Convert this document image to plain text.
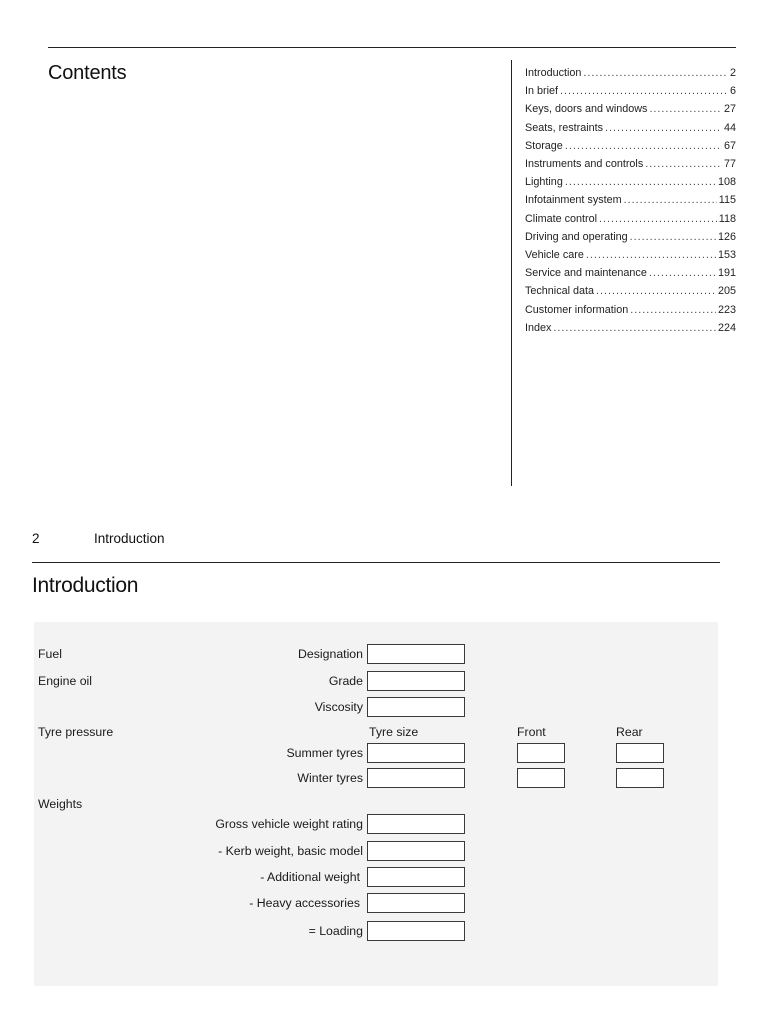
Contents	Introduction .....	2
In brief .....	6
Keys, doors and windows .....	27
Seats, restraints .....	44
Storage .....	67
Instruments and controls .....	77
Lighting .....	108
Infotainment system .....	115
Climate control .....	118
Driving and operating .....	126
Vehicle care .....	153
Service and maintenance .....	191
Technical data .....	205
Customer information .....	223
Index .....	224
2	Introduction
Introduction
Fuel	Designation
Engine oil	Grade
Viscosity
Tyre pressure	Tyre size	Front	Rear
Summer tyres
Winter tyres
Weights
Gross vehicle weight rating
- Kerb weight, basic model
- Additional weight
- Heavy accessories
= Loading
